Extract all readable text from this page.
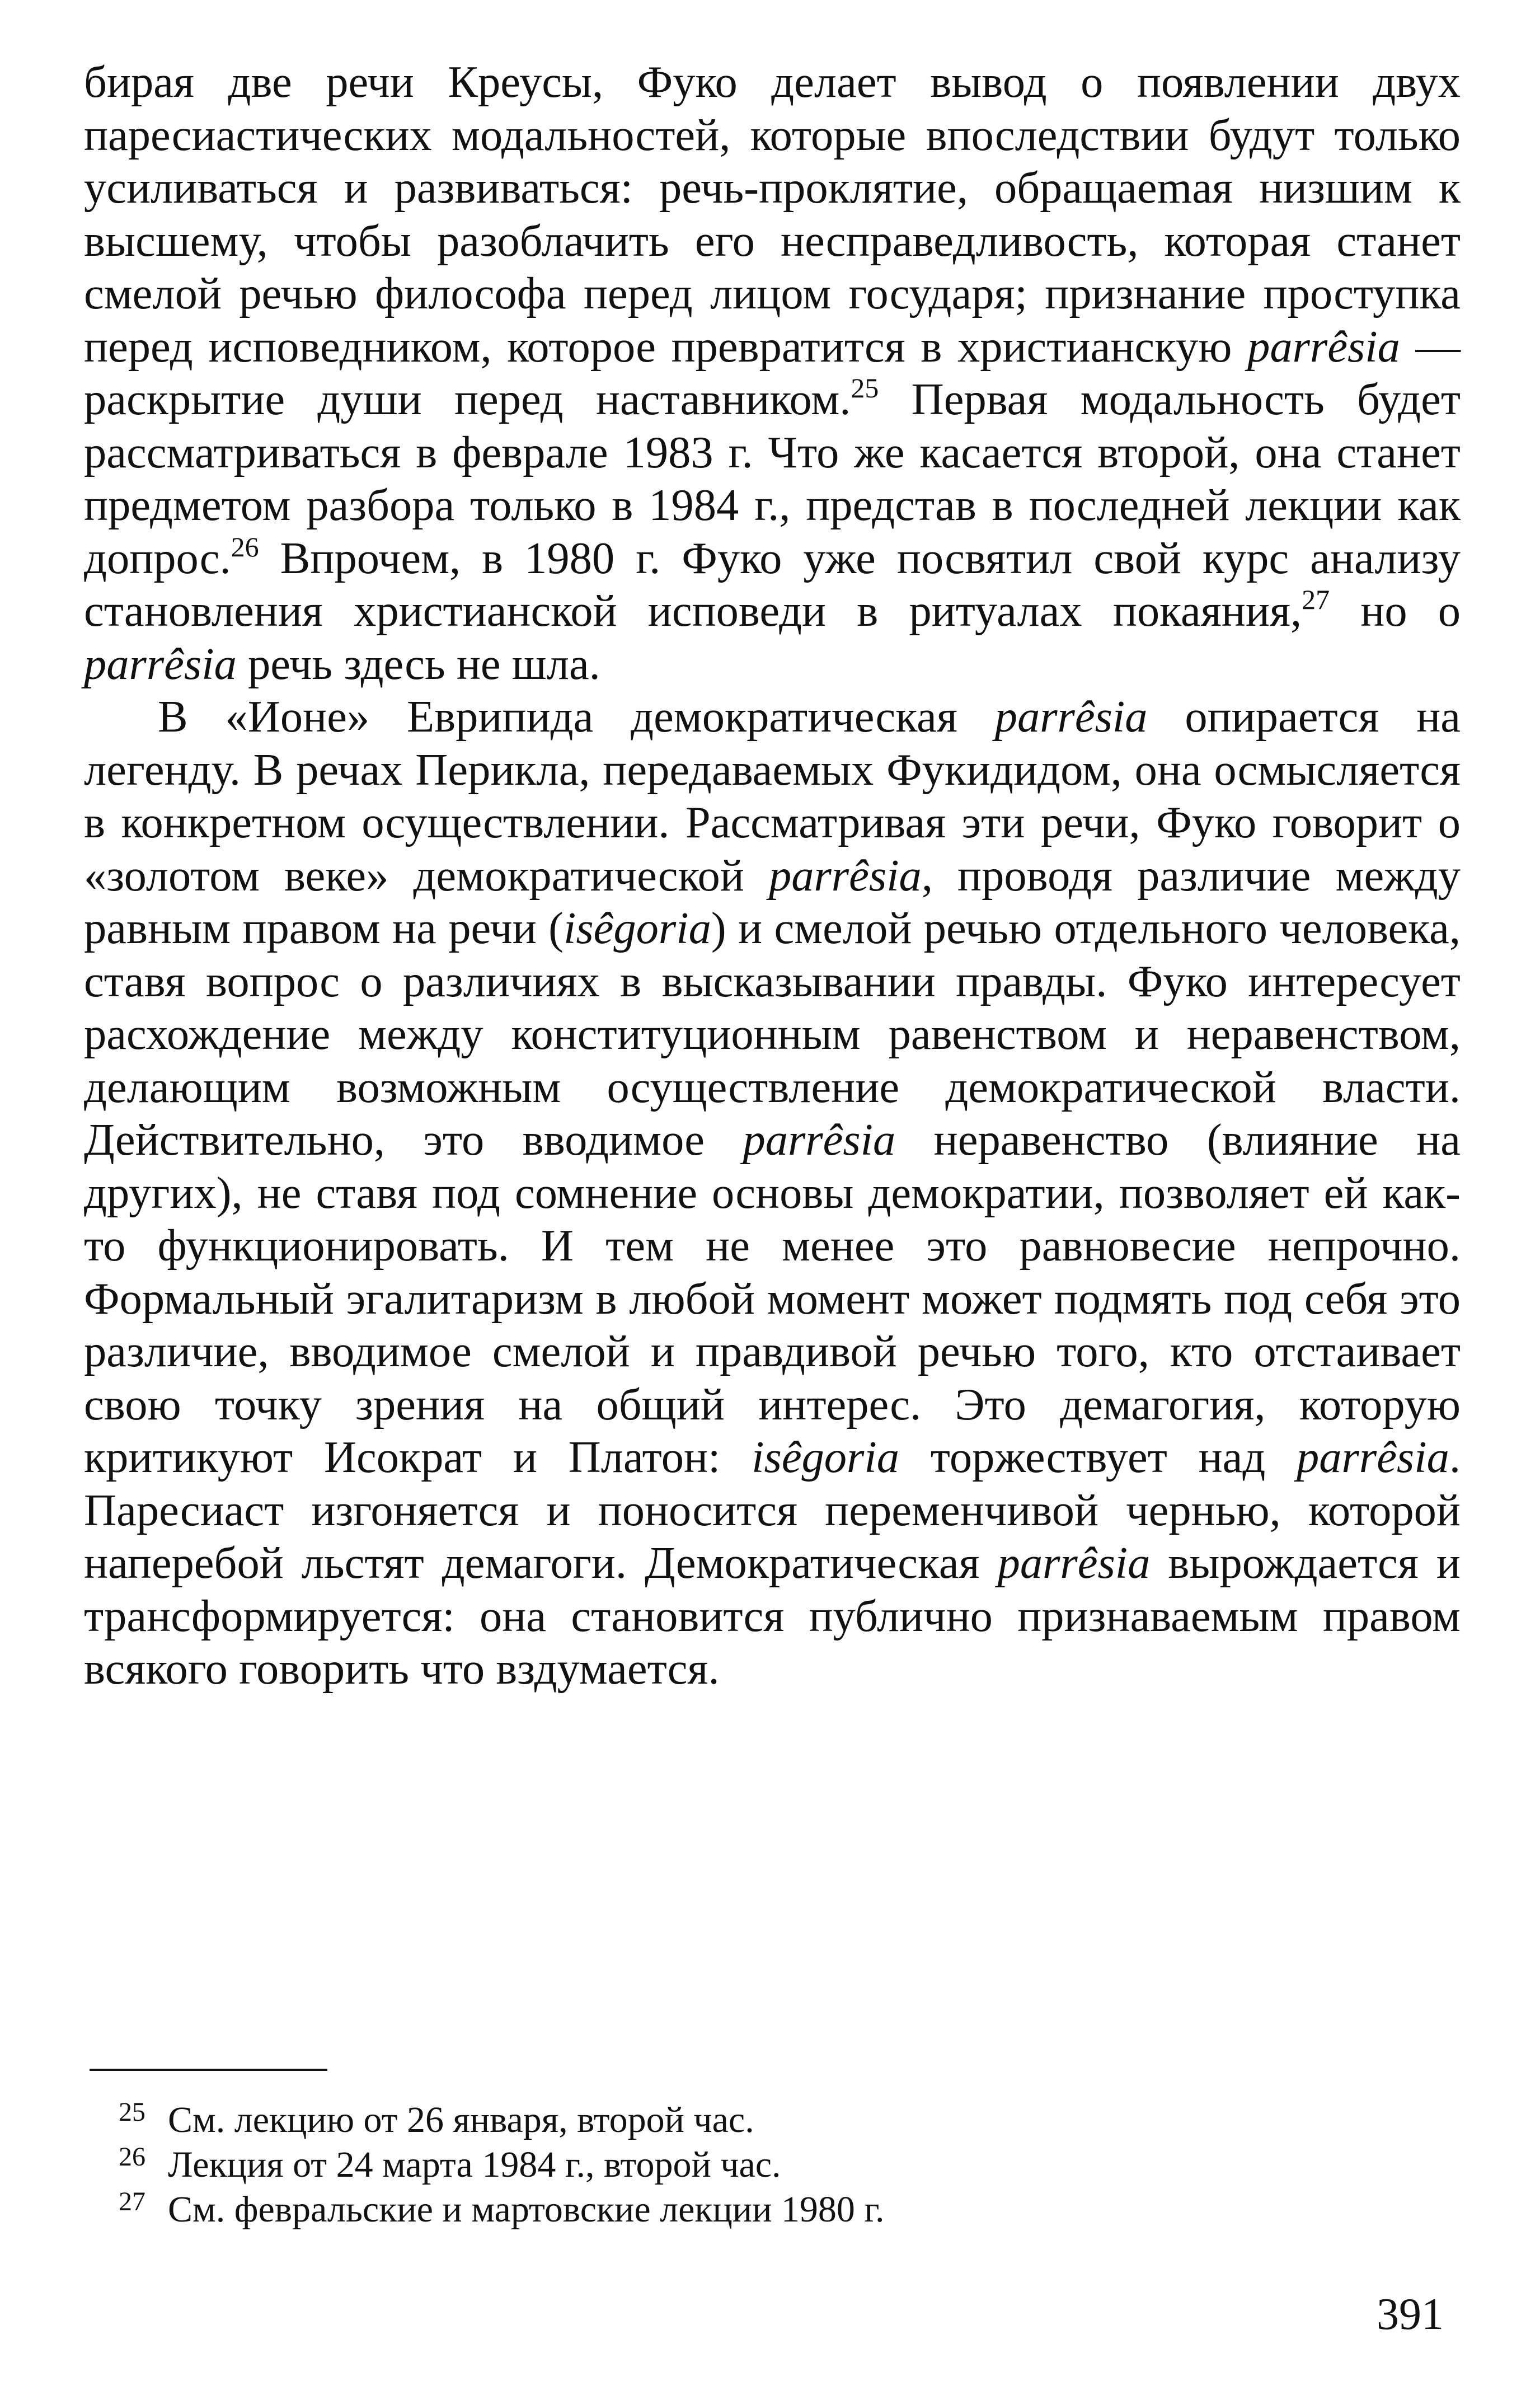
бирая две речи Креусы, Фуко делает вывод о появлении двух пaресиастических модальностей, которые впоследствии будут только усиливаться и развиваться: речь-проклятие, обращаеmая низшим к высшему, чтобы разоблачить его несправедливость, которая станет смелой речью философа перед лицом государя; признание проступка перед исповедником, которое превратится в христианскую parrêsia — раскрытие души перед наставником.$^{25}$ Первая модальность будет рассматриваться в феврале 1983 г. Что же касается второй, она станет предметом разбора только в 1984 г., представ в последней лекции как допрос.$^{26}$ Впрочем, в 1980 г. Фуко уже посвятил свой курс анализу становления христианской исповеди в ритуалах покаяния,$^{27}$ но о parrêsia речь здесь не шла.

В «Ионе» Еврипида демократическая parrêsia опирается на легенду. В речах Перикла, передаваемых Фукидидом, она осмысляется в конкретном осуществлении. Рассматривая эти речи, Фуко говорит о «золотом веке» демократической parrêsia, проводя различие между равным правом на речи (isêgoria) и смелой речью отдельного человека, ставя вопрос о различиях в высказывании правды. Фуко интересует расхождение между конституционным равенством и неравенством, делающим возможным осуществление демократической власти. Действительно, это вводимое parrêsia неравенство (влияние на других), не ставя под сомнение основы демократии, позволяет ей как-то функционировать. И тем не менее это равновесие непрочно. Формальный эгалитаризм в любой момент может подмять под себя это различие, вводимое смелой и правдивой речью того, кто отстаивает свою точку зрения на общий интерес. Это демагогия, которую критикуют Исократ и Платон: isêgoria торжествует над parrêsia. Паресиаст изгоняется и поносится переменчивой чернью, которой наперебой льстят демагоги. Демократическая parrêsia вырождается и трансформируется: она становится публично признаваемым правом всякого говорить что вздумается.

25 См. лекцию от 26 января, второй час.
26 Лекция от 24 марта 1984 г., второй час.
27 См. февральские и мартовские лекции 1980 г.
391
